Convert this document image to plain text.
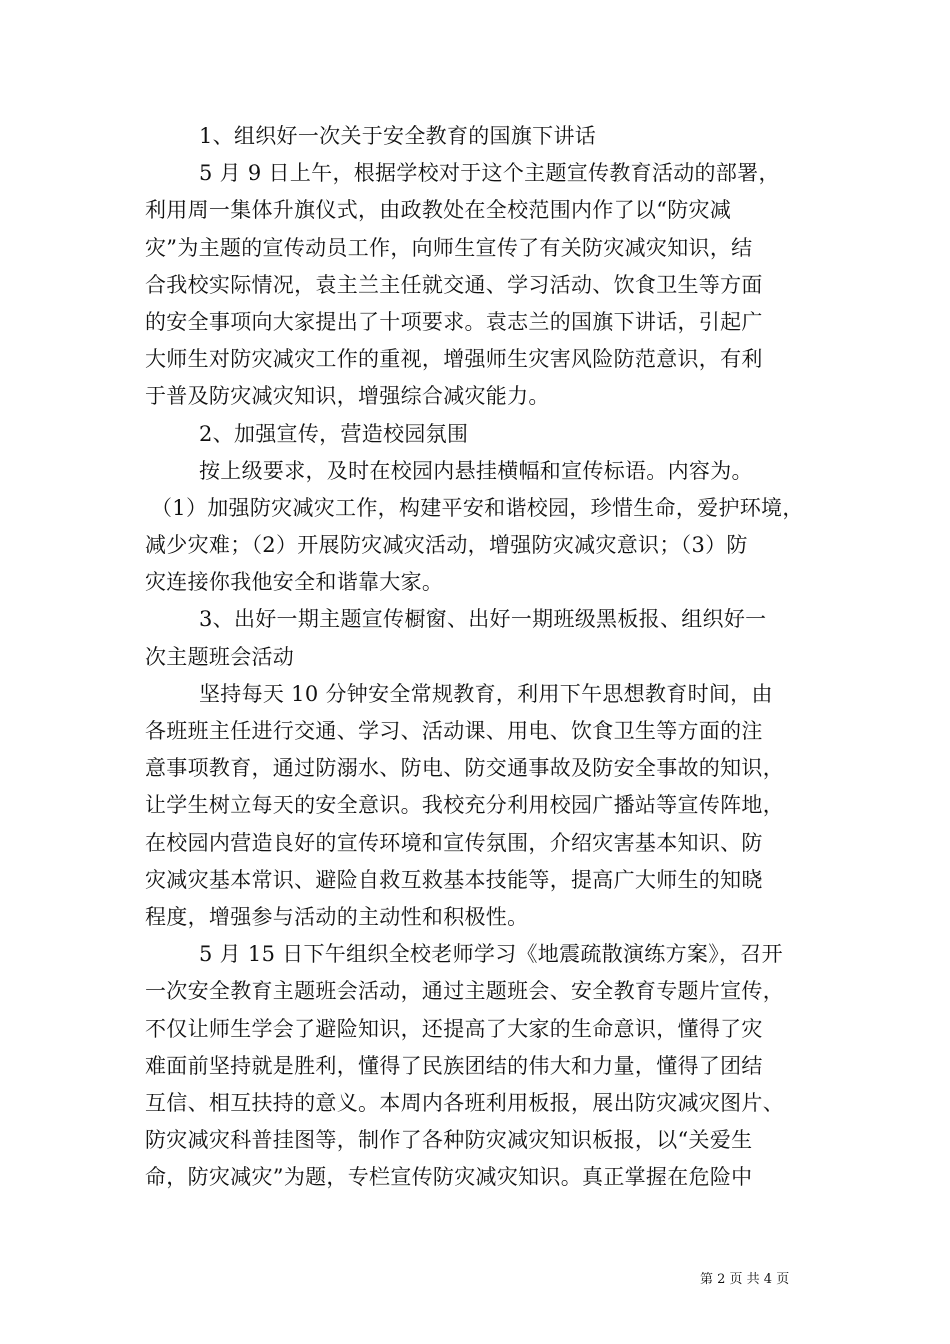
1、组织好一次关于安全教育的国旗下讲话
5 月 9 日上午，根据学校对于这个主题宣传教育活动的部署，
利用周一集体升旗仪式，由政教处在全校范围内作了以“防灾减
灾”为主题的宣传动员工作，向师生宣传了有关防灾减灾知识，结
合我校实际情况，袁主兰主任就交通、学习活动、饮食卫生等方面
的安全事项向大家提出了十项要求。袁志兰的国旗下讲话，引起广
大师生对防灾减灾工作的重视，增强师生灾害风险防范意识，有利
于普及防灾减灾知识，增强综合减灾能力。
2、加强宣传，营造校园氛围
按上级要求，及时在校园内悬挂横幅和宣传标语。内容为。
（1）加强防灾减灾工作，构建平安和谐校园，珍惜生命，爱护环境，
减少灾难；（2）开展防灾减灾活动，增强防灾减灾意识；（3）防
灾连接你我他安全和谐靠大家。
3、出好一期主题宣传橱窗、出好一期班级黑板报、组织好一
次主题班会活动
坚持每天 10 分钟安全常规教育，利用下午思想教育时间，由
各班班主任进行交通、学习、活动课、用电、饮食卫生等方面的注
意事项教育，通过防溺水、防电、防交通事故及防安全事故的知识，
让学生树立每天的安全意识。我校充分利用校园广播站等宣传阵地，
在校园内营造良好的宣传环境和宣传氛围，介绍灾害基本知识、防
灾减灾基本常识、避险自救互救基本技能等，提高广大师生的知晓
程度，增强参与活动的主动性和积极性。
5 月 15 日下午组织全校老师学习《地震疏散演练方案》，召开
一次安全教育主题班会活动，通过主题班会、安全教育专题片宣传，
不仅让师生学会了避险知识，还提高了大家的生命意识，懂得了灾
难面前坚持就是胜利，懂得了民族团结的伟大和力量，懂得了团结
互信、相互扶持的意义。本周内各班利用板报，展出防灾减灾图片、
防灾减灾科普挂图等，制作了各种防灾减灾知识板报，以“关爱生
命，防灾减灾”为题，专栏宣传防灾减灾知识。真正掌握在危险中
第 2 页 共 4 页
